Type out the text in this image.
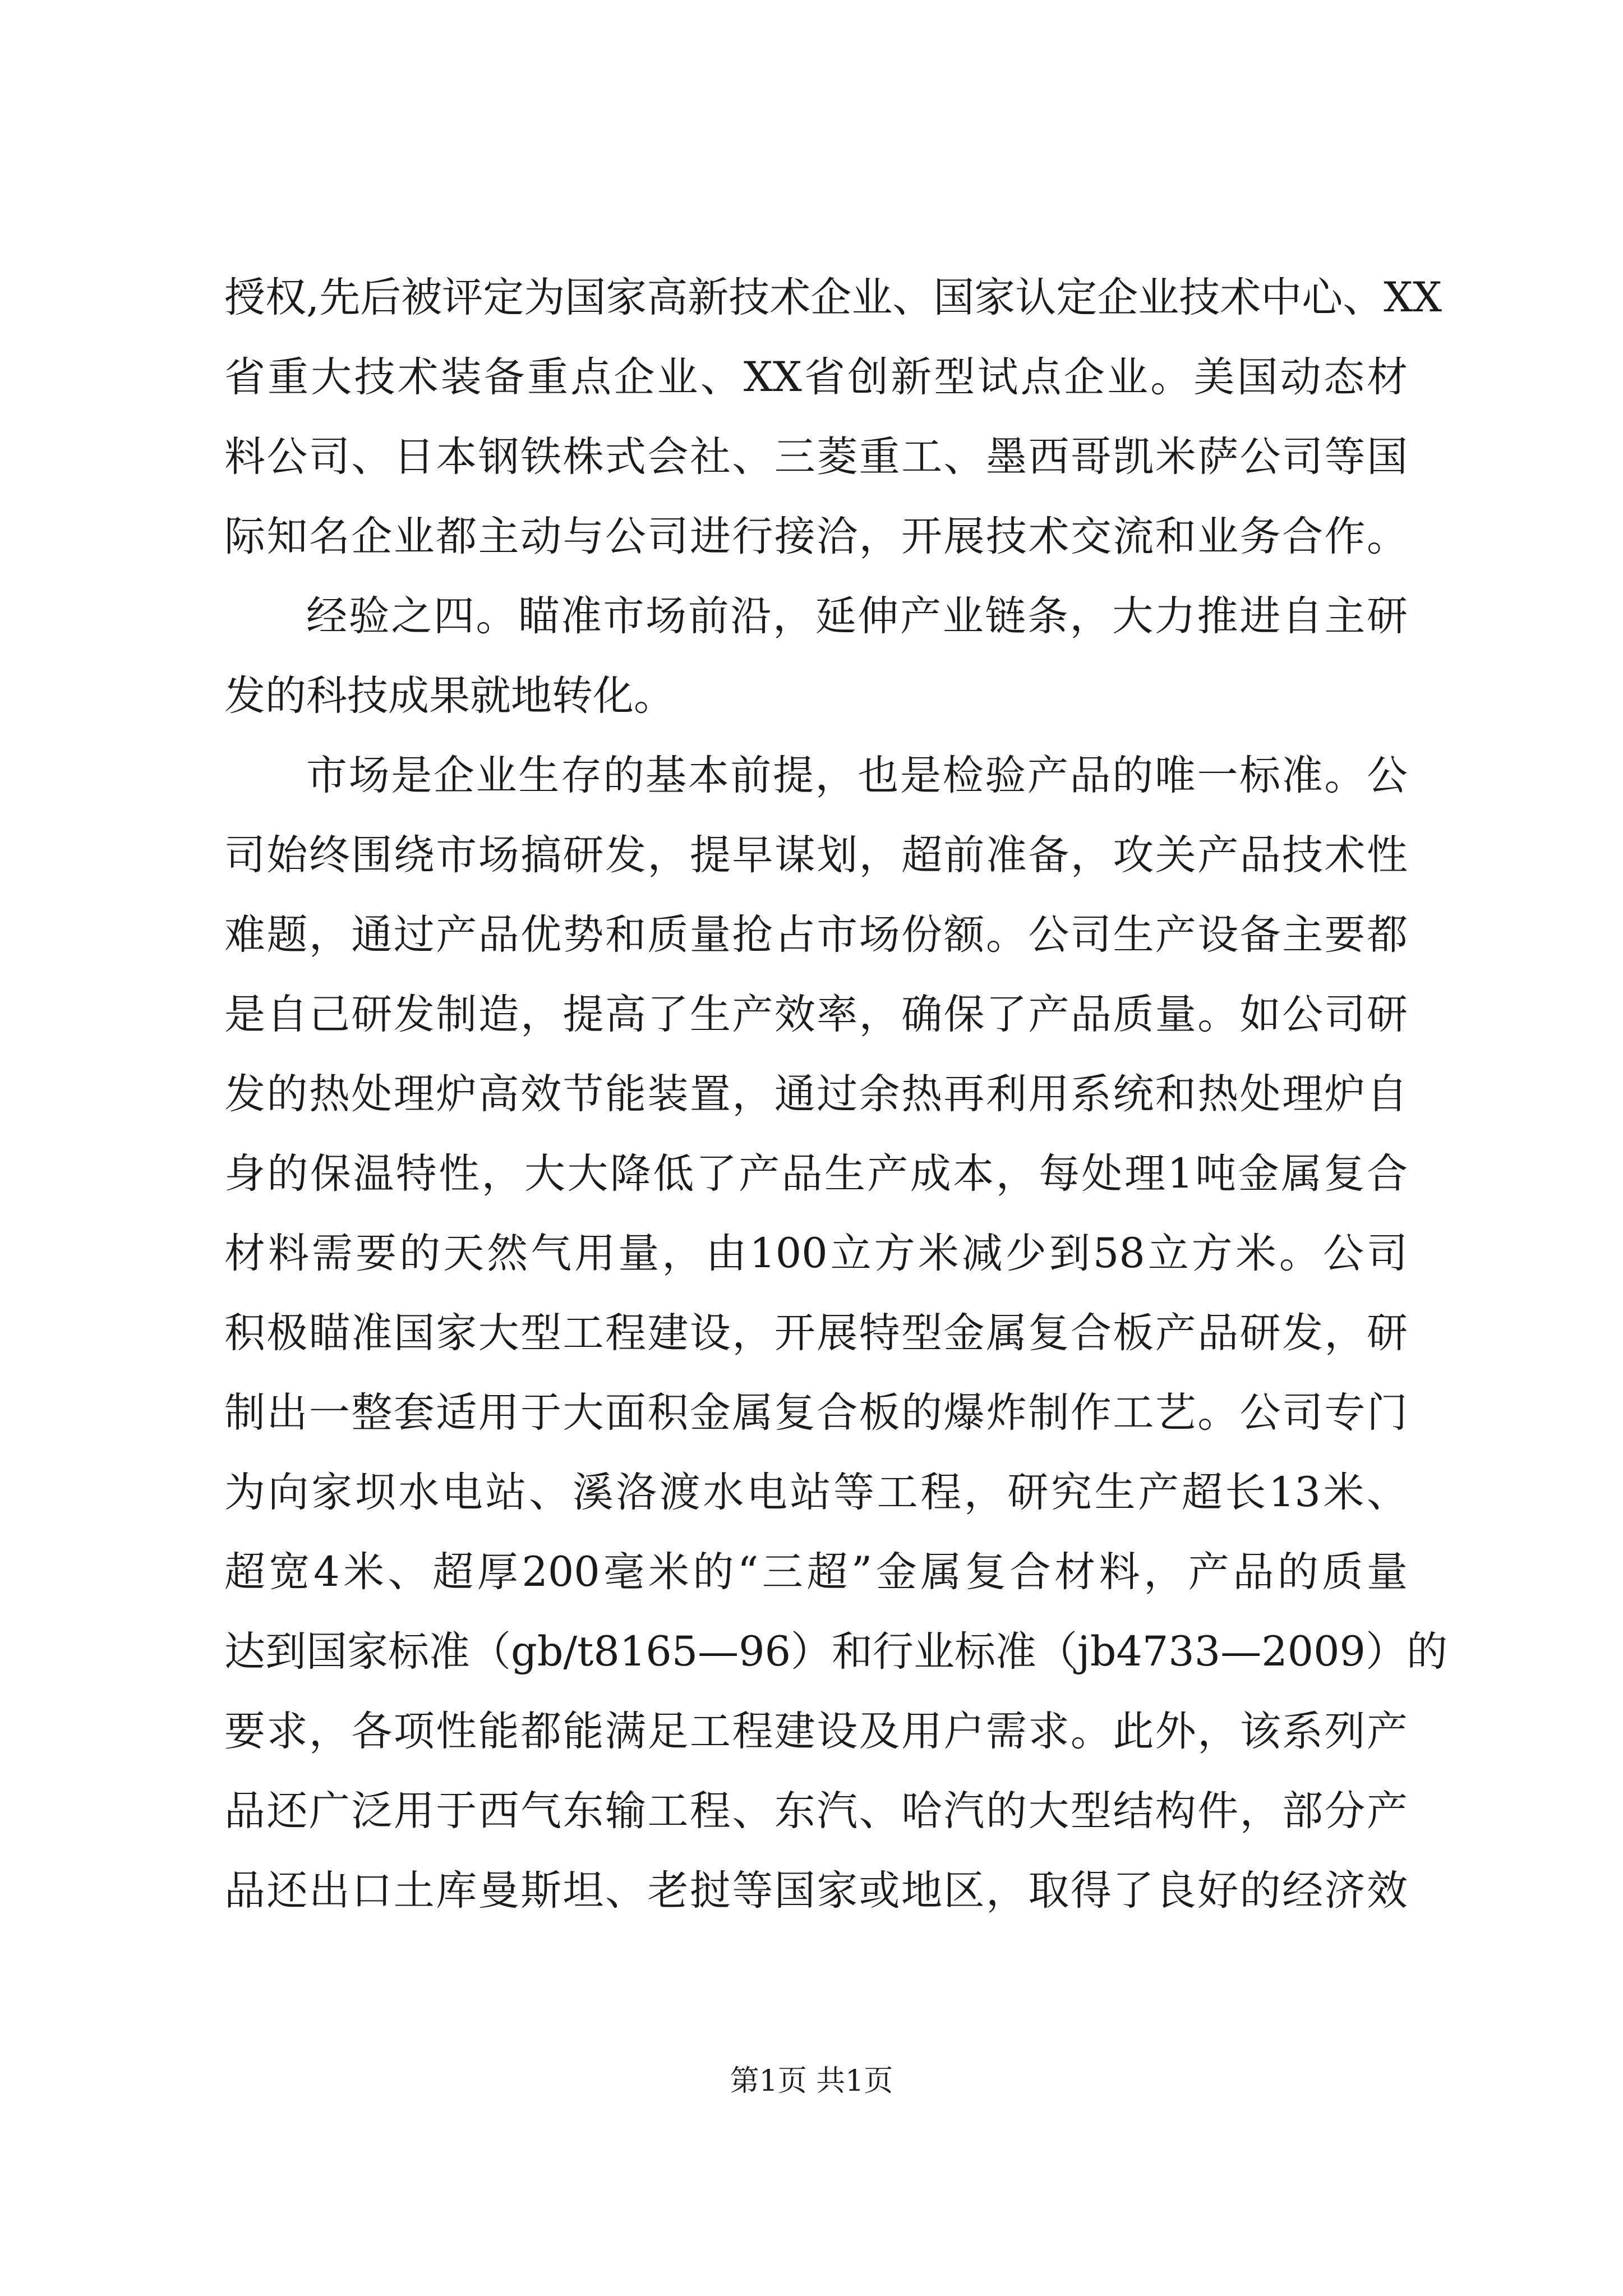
授权,先后被评定为国家高新技术企业、国家认定企业技术中心、XX
省重大技术装备重点企业、XX省创新型试点企业。美国动态材
料公司、日本钢铁株式会社、三菱重工、墨西哥凯米萨公司等国
际知名企业都主动与公司进行接洽，开展技术交流和业务合作。
经验之四。瞄准市场前沿，延伸产业链条，大力推进自主研
发的科技成果就地转化。
市场是企业生存的基本前提，也是检验产品的唯一标准。公
司始终围绕市场搞研发，提早谋划，超前准备，攻关产品技术性
难题，通过产品优势和质量抢占市场份额。公司生产设备主要都
是自己研发制造，提高了生产效率，确保了产品质量。如公司研
发的热处理炉高效节能装置，通过余热再利用系统和热处理炉自
身的保温特性，大大降低了产品生产成本，每处理1吨金属复合
材料需要的天然气用量，由100立方米减少到58立方米。公司
积极瞄准国家大型工程建设，开展特型金属复合板产品研发，研
制出一整套适用于大面积金属复合板的爆炸制作工艺。公司专门
为向家坝水电站、溪洛渡水电站等工程，研究生产超长13米、
超宽4米、超厚200毫米的“三超”金属复合材料，产品的质量
达到国家标准（gb/t8165—96）和行业标准（jb4733—2009）的
要求，各项性能都能满足工程建设及用户需求。此外，该系列产
品还广泛用于西气东输工程、东汽、哈汽的大型结构件，部分产
品还出口土库曼斯坦、老挝等国家或地区，取得了良好的经济效
第1页 共1页
